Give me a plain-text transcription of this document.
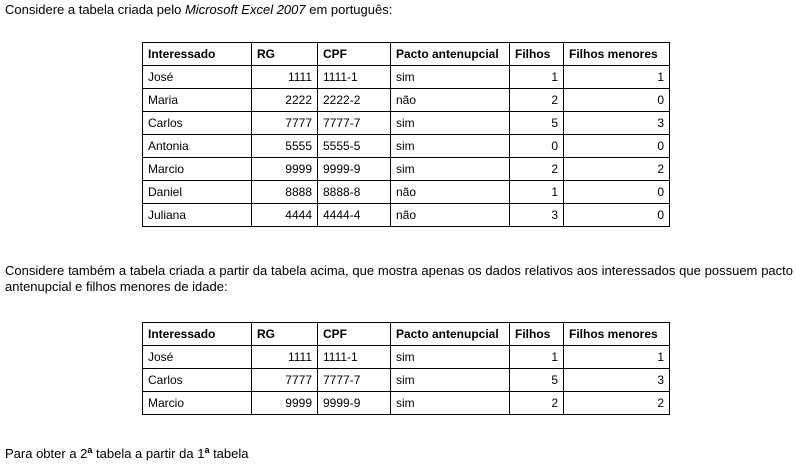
Considere a tabela criada pelo Microsoft Excel 2007 em português:

Interessado	RG	CPF	Pacto antenupcial	Filhos	Filhos menores
José	1111	1111-1	sim	1	1
Maria	2222	2222-2	não	2	0
Carlos	7777	7777-7	sim	5	3
Antonia	5555	5555-5	sim	0	0
Marcio	9999	9999-9	sim	2	2
Daniel	8888	8888-8	não	1	0
Juliana	4444	4444-4	não	3	0

Considere também a tabela criada a partir da tabela acima, que mostra apenas os dados relativos aos interessados que possuem pacto antenupcial e filhos menores de idade:

Interessado	RG	CPF	Pacto antenupcial	Filhos	Filhos menores
José	1111	1111-1	sim	1	1
Carlos	7777	7777-7	sim	5	3
Marcio	9999	9999-9	sim	2	2

Para obter a 2$^a$ tabela a partir da 1$^a$ tabela
